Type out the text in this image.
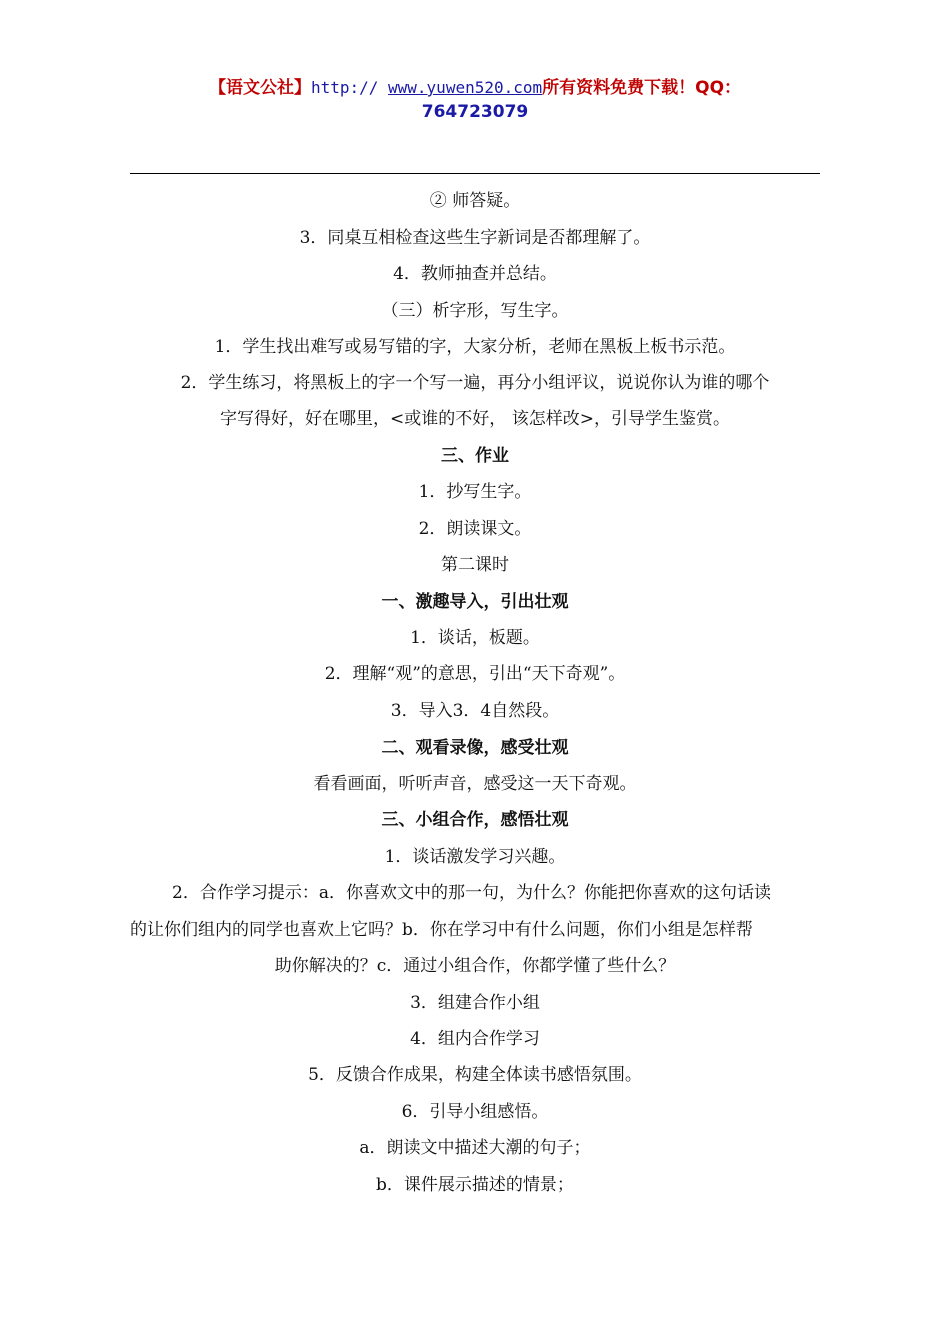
【语文公社】http:// www.yuwen520.com所有资料免费下载！QQ：
764723079
② 师答疑。
3．同桌互相检查这些生字新词是否都理解了。
4．教师抽查并总结。
（三）析字形，写生字。
1．学生找出难写或易写错的字，大家分析，老师在黑板上板书示范。
2．学生练习，将黑板上的字一个写一遍，再分小组评议，说说你认为谁的哪个
字写得好，好在哪里，<或谁的不好， 该怎样改>，引导学生鉴赏。
三、作业
1．抄写生字。
2．朗读课文。
第二课时
一、激趣导入，引出壮观
1．谈话，板题。
2．理解“观”的意思，引出“天下奇观”。
3．导入3．4自然段。
二、观看录像，感受壮观
看看画面，听听声音，感受这一天下奇观。
三、小组合作，感悟壮观
1．谈话激发学习兴趣。
2．合作学习提示：a．你喜欢文中的那一句，为什么？你能把你喜欢的这句话读
的让你们组内的同学也喜欢上它吗？b．你在学习中有什么问题，你们小组是怎样帮
助你解决的？c．通过小组合作，你都学懂了些什么？
3．组建合作小组
4．组内合作学习
5．反馈合作成果，构建全体读书感悟氛围。
6．引导小组感悟。
a．朗读文中描述大潮的句子；
b．课件展示描述的情景；
